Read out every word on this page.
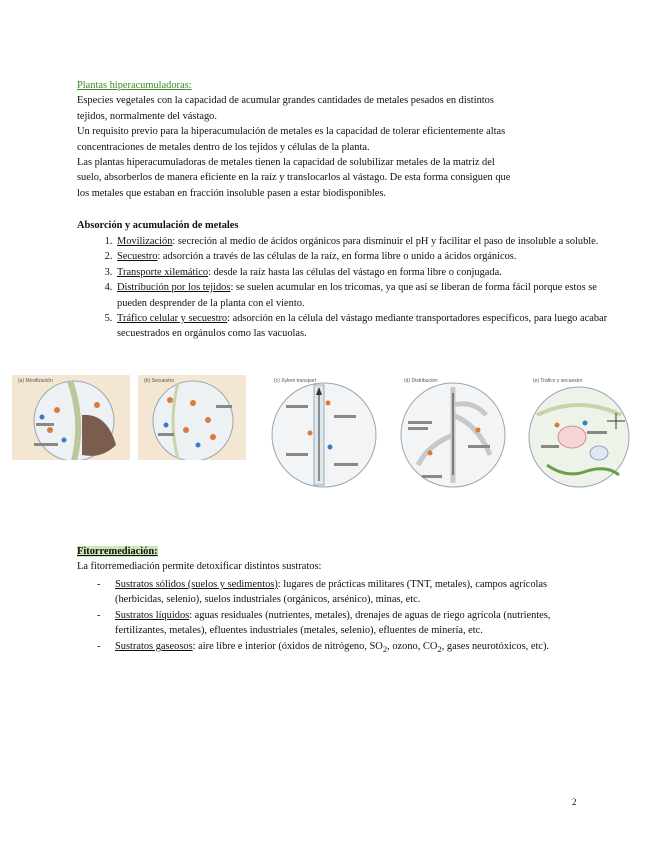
Plantas hiperacumuladoras:
Especies vegetales con la capacidad de acumular grandes cantidades de metales pesados en distintos
tejidos, normalmente del vástago.
Un requisito previo para la hiperacumulación de metales es la capacidad de tolerar eficientemente altas
concentraciones de metales dentro de los tejidos y células de la planta.
Las plantas hiperacumuladoras de metales tienen la capacidad de solubilizar metales de la matriz del
suelo, absorberlos de manera eficiente en la raíz y translocarlos al vástago. De esta forma consiguen que
los metales que estaban en fracción insoluble pasen a estar biodisponibles.
Absorción y acumulación de metales
1. Movilización: secreción al medio de ácidos orgánicos para disminuir el pH y facilitar el paso de insoluble a soluble.
2. Secuestro: adsorción a través de las células de la raíz, en forma libre o unido a ácidos orgánicos.
3. Transporte xilemático: desde la raíz hasta las células del vástago en forma libre o conjugada.
4. Distribución por los tejidos: se suelen acumular en los tricomas, ya que así se liberan de forma fácil porque estos se pueden desprender de la planta con el viento.
5. Tráfico celular y secuestro: adsorción en la célula del vástago mediante transportadores específicos, para luego acabar secuestrados en orgánulos como las vacuolas.
(a) Movilización	(b) Secuestro	(c) Xylem transport	(d) Distribución	(e) Tráfico y secuestro
Fitorremediación:
La fitorremediación permite detoxificar distintos sustratos:
- Sustratos sólidos (suelos y sedimentos): lugares de prácticas militares (TNT, metales), campos agrícolas (herbicidas, selenio), suelos industriales (orgánicos, arsénico), minas, etc.
- Sustratos líquidos: aguas residuales (nutrientes, metales), drenajes de aguas de riego agrícola (nutrientes, fertilizantes, metales), efluentes industriales (metales, selenio), efluentes de minería, etc.
- Sustratos gaseosos: aire libre e interior (óxidos de nitrógeno, $SO_2$, ozono, $CO_2$, gases neurotóxicos, etc).
2
